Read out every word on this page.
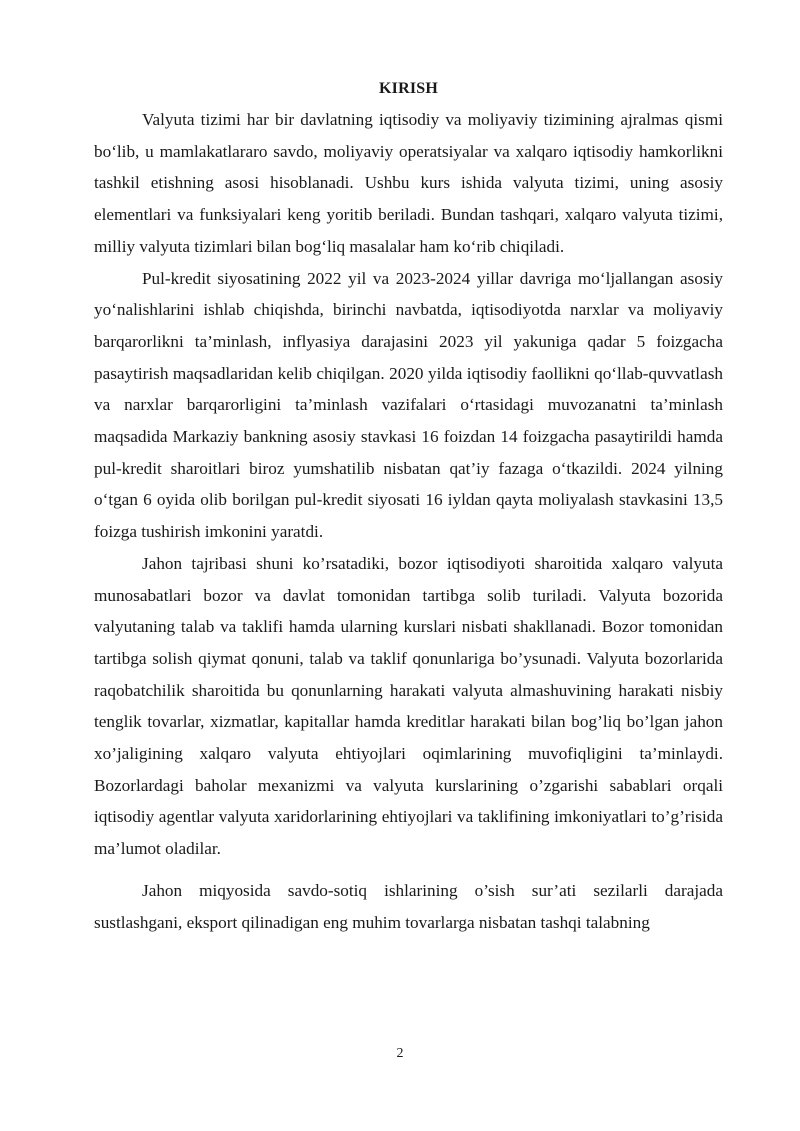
KIRISH

Valyuta tizimi har bir davlatning iqtisodiy va moliyaviy tizimining ajralmas qismi bo‘lib, u mamlakatlararo savdo, moliyaviy operatsiyalar va xalqaro iqtisodiy hamkorlikni tashkil etishning asosi hisoblanadi. Ushbu kurs ishida valyuta tizimi, uning asosiy elementlari va funksiyalari keng yoritib beriladi. Bundan tashqari, xalqaro valyuta tizimi, milliy valyuta tizimlari bilan bog‘liq masalalar ham ko‘rib chiqiladi.

Pul-kredit siyosatining 2022 yil va 2023-2024 yillar davriga mo‘ljallangan asosiy yo‘nalishlarini ishlab chiqishda, birinchi navbatda, iqtisodiyotda narxlar va moliyaviy barqarorlikni ta’minlash, inflyasiya darajasini 2023 yil yakuniga qadar 5 foizgacha pasaytirish maqsadlaridan kelib chiqilgan. 2020 yilda iqtisodiy faollikni qo‘llab-quvvatlash va narxlar barqarorligini ta’minlash vazifalari o‘rtasidagi muvozanatni ta’minlash maqsadida Markaziy bankning asosiy stavkasi 16 foizdan 14 foizgacha pasaytirildi hamda pul-kredit sharoitlari biroz yumshatilib nisbatan qat’iy fazaga o‘tkazildi. 2024 yilning o‘tgan 6 oyida olib borilgan pul-kredit siyosati 16 iyldan qayta moliyalash stavkasini 13,5 foizga tushirish imkonini yaratdi.

Jahon tajribasi shuni ko’rsatadiki, bozor iqtisodiyoti sharoitida xalqaro valyuta munosabatlari bozor va davlat tomonidan tartibga solib turiladi. Valyuta bozorida valyutaning talab va taklifi hamda ularning kurslari nisbati shakllanadi. Bozor tomonidan tartibga solish qiymat qonuni, talab va taklif qonunlariga bo’ysunadi. Valyuta bozorlarida raqobatchilik sharoitida bu qonunlarning harakati valyuta almashuvining harakati nisbiy tenglik tovarlar, xizmatlar, kapitallar hamda kreditlar harakati bilan bog’liq bo’lgan jahon xo’jaligining xalqaro valyuta ehtiyojlari oqimlarining muvofiqligini ta’minlaydi. Bozorlardagi baholar mexanizmi va valyuta kurslarining o’zgarishi sabablari orqali iqtisodiy agentlar valyuta xaridorlarining ehtiyojlari va taklifining imkoniyatlari to’g’risida ma’lumot oladilar.

Jahon miqyosida savdo-sotiq ishlarining o’sish sur’ati sezilarli darajada sustlashgani, eksport qilinadigan eng muhim tovarlarga nisbatan tashqi talabning

2
